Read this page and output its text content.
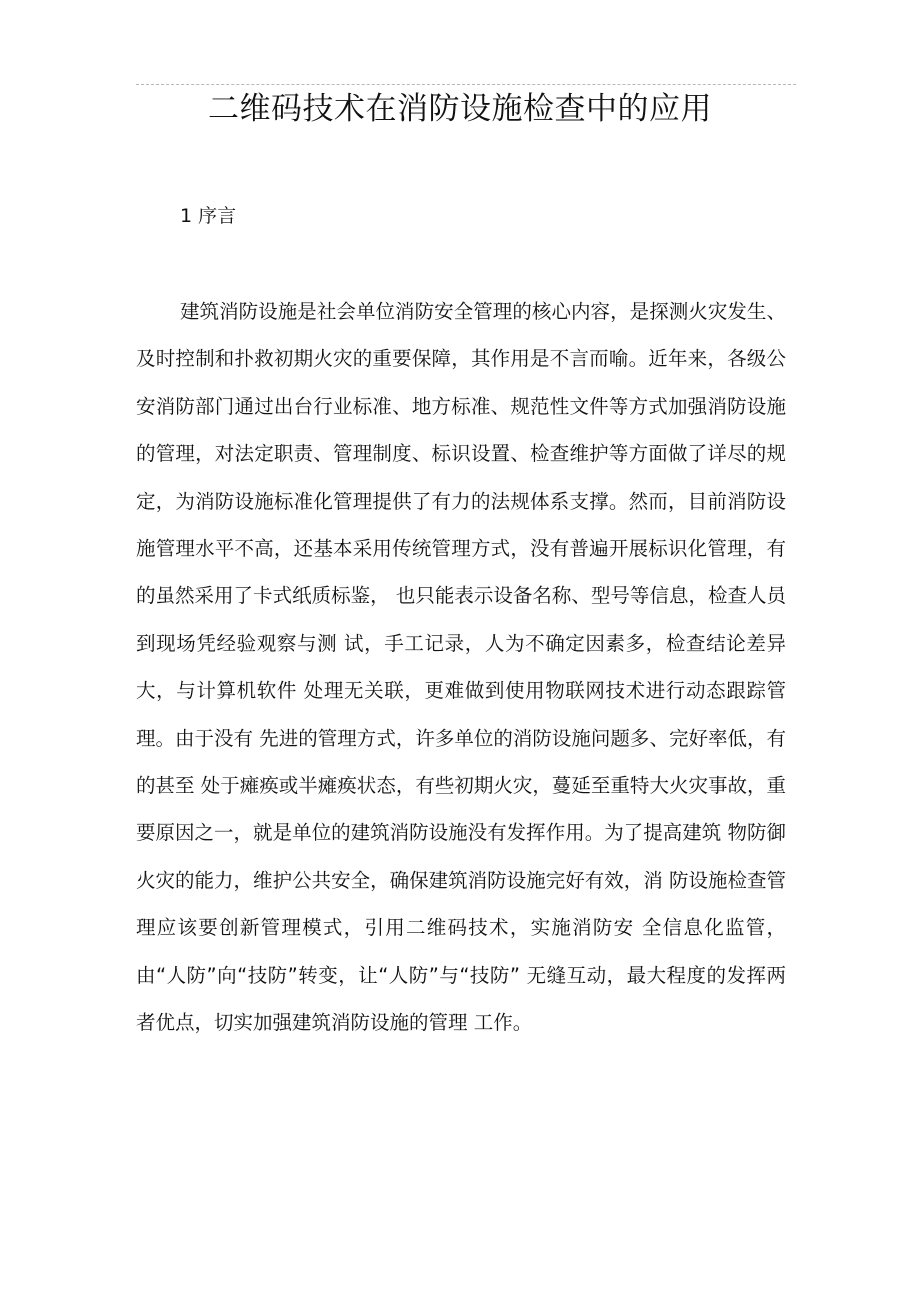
二维码技术在消防设施检查中的应用
1 序言

建筑消防设施是社会单位消防安全管理的核心内容，是探测火灾发生、及时控制和扑救初期火灾的重要保障，其作用是不言而喻。近年来，各级公安消防部门通过出台行业标准、地方标准、规范性文件等方式加强消防设施的管理，对法定职责、管理制度、标识设置、检查维护等方面做了详尽的规定，为消防设施标准化管理提供了有力的法规体系支撑。然而，目前消防设施管理水平不高，还基本采用传统管理方式，没有普遍开展标识化管理，有的虽然采用了卡式纸质标鉴， 也只能表示设备名称、型号等信息，检查人员到现场凭经验观察与测 试，手工记录，人为不确定因素多，检查结论差异大，与计算机软件 处理无关联，更难做到使用物联网技术进行动态跟踪管理。由于没有 先进的管理方式，许多单位的消防设施问题多、完好率低，有的甚至 处于瘫痪或半瘫痪状态，有些初期火灾，蔓延至重特大火灾事故，重 要原因之一，就是单位的建筑消防设施没有发挥作用。为了提高建筑 物防御火灾的能力，维护公共安全，确保建筑消防设施完好有效，消 防设施检查管理应该要创新管理模式，引用二维码技术，实施消防安 全信息化监管，由“人防”向“技防”转变，让“人防”与“技防” 无缝互动，最大程度的发挥两者优点，切实加强建筑消防设施的管理 工作。
